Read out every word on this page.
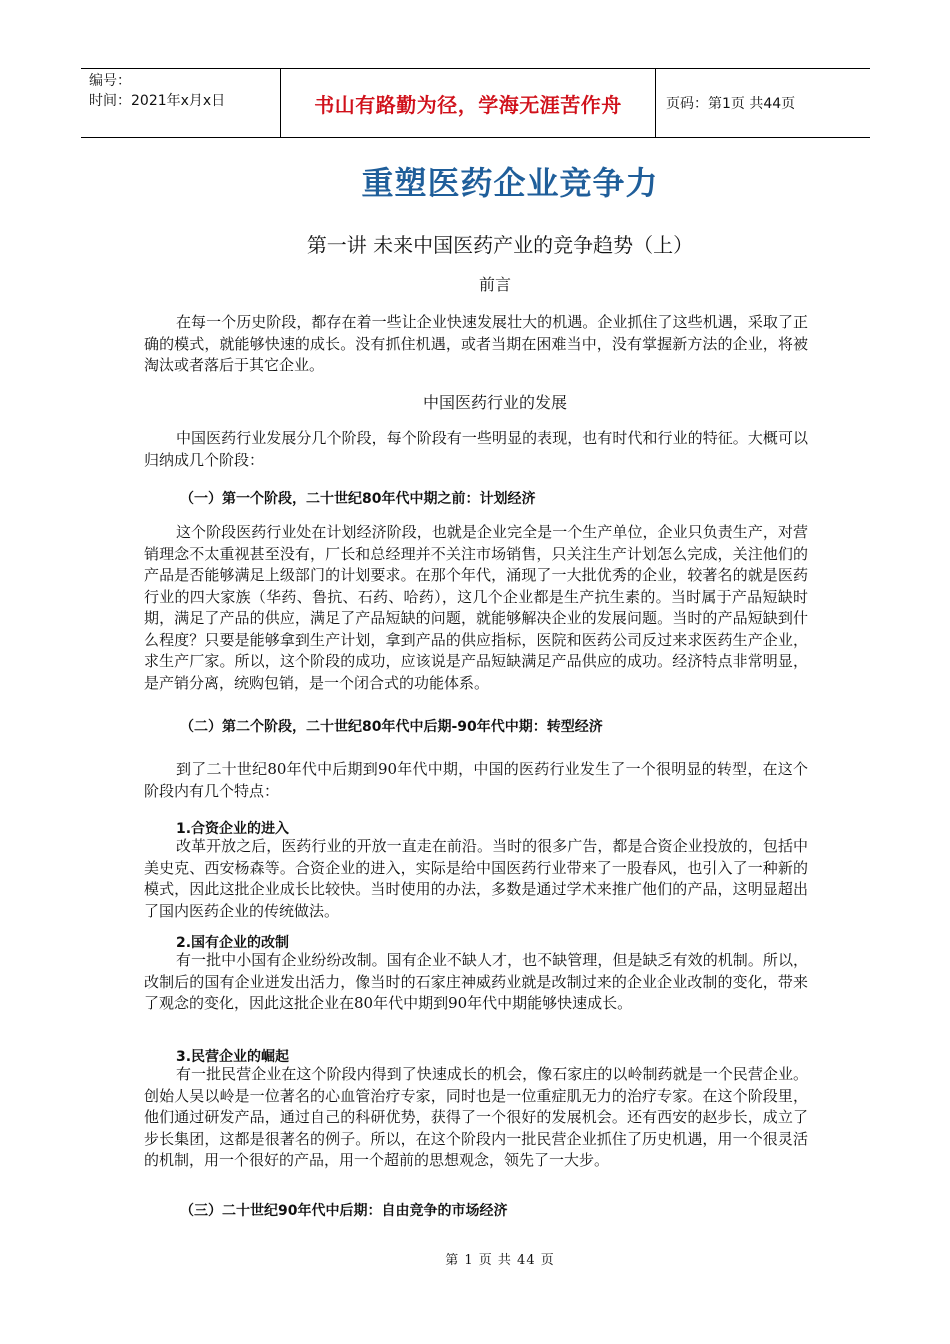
编号：
时间：2021年x月x日	书山有路勤为径，学海无涯苦作舟	页码：第1页 共44页
重塑医药企业竞争力
第一讲 未来中国医药产业的竞争趋势（上）
前言

在每一个历史阶段，都存在着一些让企业快速发展壮大的机遇。企业抓住了这些机遇，采取了正确的模式，就能够快速的成长。没有抓住机遇，或者当期在困难当中，没有掌握新方法的企业，将被淘汰或者落后于其它企业。

中国医药行业的发展

中国医药行业发展分几个阶段，每个阶段有一些明显的表现，也有时代和行业的特征。大概可以归纳成几个阶段：

（一）第一个阶段，二十世纪80年代中期之前：计划经济

这个阶段医药行业处在计划经济阶段，也就是企业完全是一个生产单位，企业只负责生产，对营销理念不太重视甚至没有，厂长和总经理并不关注市场销售，只关注生产计划怎么完成，关注他们的产品是否能够满足上级部门的计划要求。在那个年代，涌现了一大批优秀的企业，较著名的就是医药行业的四大家族（华药、鲁抗、石药、哈药），这几个企业都是生产抗生素的。当时属于产品短缺时期，满足了产品的供应，满足了产品短缺的问题，就能够解决企业的发展问题。当时的产品短缺到什么程度？只要是能够拿到生产计划，拿到产品的供应指标，医院和医药公司反过来求医药生产企业，求生产厂家。所以，这个阶段的成功，应该说是产品短缺满足产品供应的成功。经济特点非常明显，是产销分离，统购包销，是一个闭合式的功能体系。

（二）第二个阶段，二十世纪80年代中后期-90年代中期：转型经济

到了二十世纪80年代中后期到90年代中期，中国的医药行业发生了一个很明显的转型，在这个阶段内有几个特点：

1.合资企业的进入

改革开放之后，医药行业的开放一直走在前沿。当时的很多广告，都是合资企业投放的，包括中美史克、西安杨森等。合资企业的进入，实际是给中国医药行业带来了一股春风，也引入了一种新的模式，因此这批企业成长比较快。当时使用的办法，多数是通过学术来推广他们的产品，这明显超出了国内医药企业的传统做法。

2.国有企业的改制

有一批中小国有企业纷纷改制。国有企业不缺人才，也不缺管理，但是缺乏有效的机制。所以，改制后的国有企业迸发出活力，像当时的石家庄神威药业就是改制过来的企业企业改制的变化，带来了观念的变化，因此这批企业在80年代中期到90年代中期能够快速成长。

3.民营企业的崛起

有一批民营企业在这个阶段内得到了快速成长的机会，像石家庄的以岭制药就是一个民营企业。创始人吴以岭是一位著名的心血管治疗专家，同时也是一位重症肌无力的治疗专家。在这个阶段里，他们通过研发产品，通过自己的科研优势，获得了一个很好的发展机会。还有西安的赵步长，成立了步长集团，这都是很著名的例子。所以，在这个阶段内一批民营企业抓住了历史机遇，用一个很灵活的机制，用一个很好的产品，用一个超前的思想观念，领先了一大步。

（三）二十世纪90年代中后期：自由竞争的市场经济
第 1 页 共 44 页
